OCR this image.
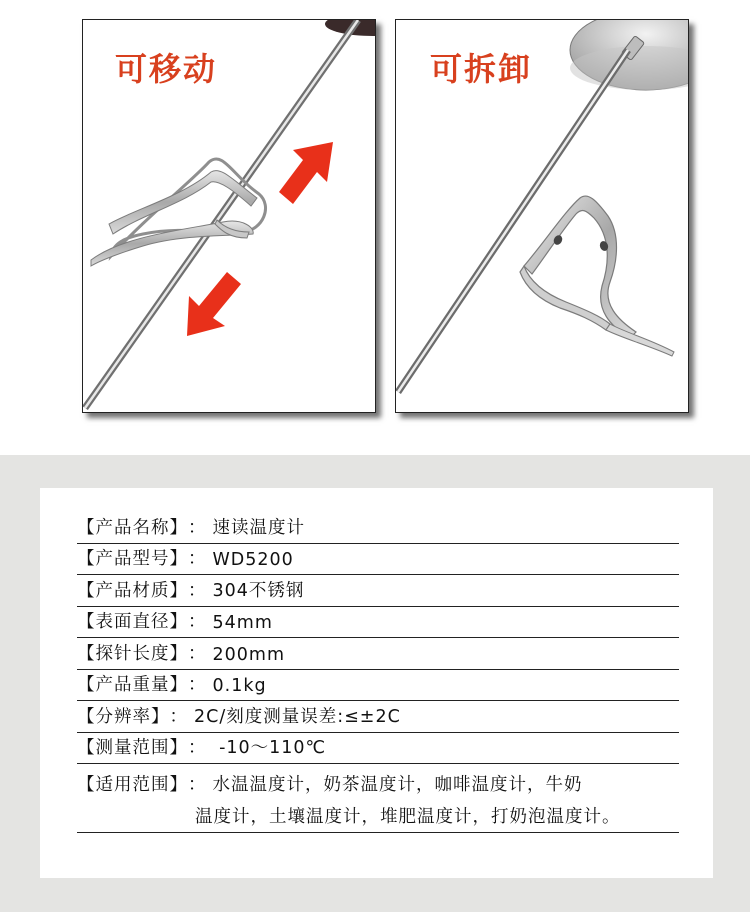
可移动	可拆卸
【产品名称】 ： 速读温度计
【产品型号】 ： WD5200
【产品材质】 ： 304不锈钢
【表面直径】 ： 54mm
【探针长度】 ： 200mm
【产品重量】 ： 0.1kg
【分辨率】 ： 2C/刻度测量误差:≤±2C
【测量范围】 ： -10～110℃
【适用范围】 ： 水温温度计，奶茶温度计，咖啡温度计，牛奶
温度计，土壤温度计，堆肥温度计，打奶泡温度计。
